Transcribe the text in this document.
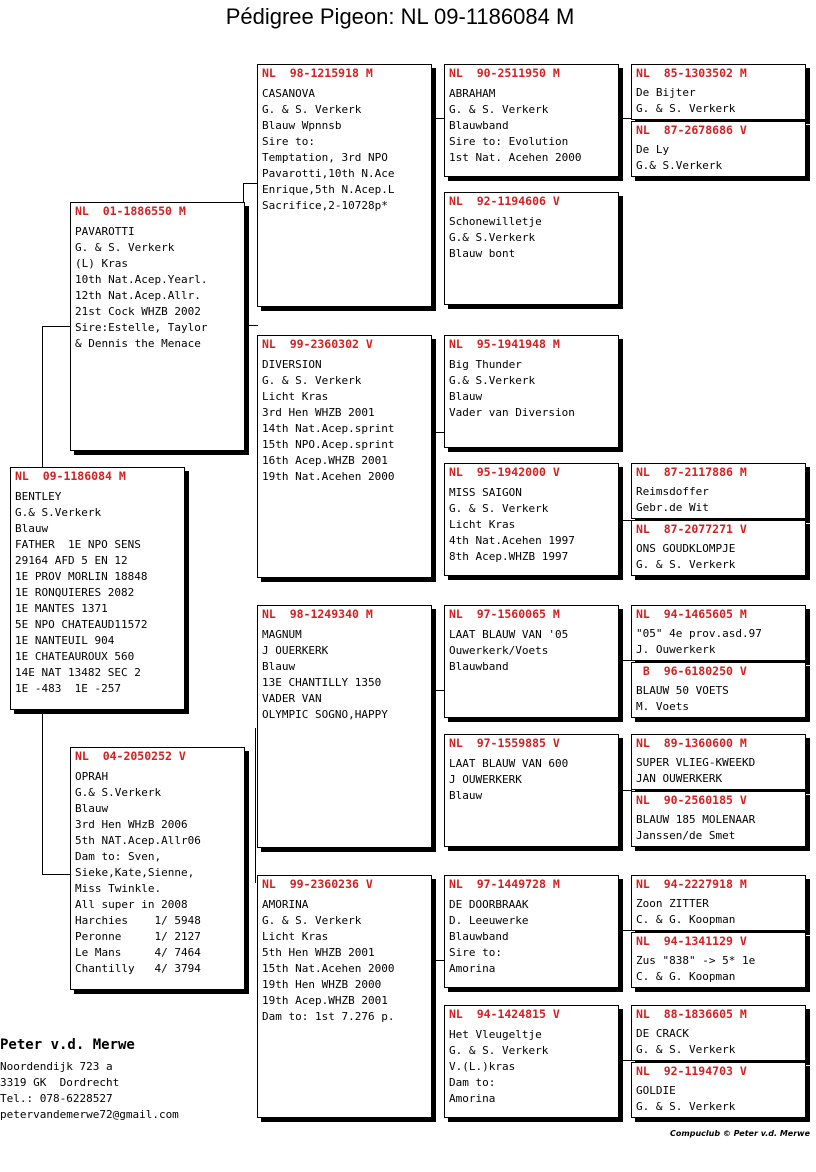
Pédigree Pigeon: NL 09-1186084 M
NL  09-1186084 M
BENTLEY
G.& S.Verkerk
Blauw
FATHER  1E NPO SENS
29164 AFD 5 EN 12
1E PROV MORLIN 18848
1E RONQUIERES 2082
1E MANTES 1371
5E NPO CHATEAUD11572
1E NANTEUIL 904
1E CHATEAUROUX 560
14E NAT 13482 SEC 2
1E -483  1E -257
NL  01-1886550 M
PAVAROTTI
G. & S. Verkerk
(L) Kras
10th Nat.Acep.Yearl.
12th Nat.Acep.Allr.
21st Cock WHZB 2002
Sire:Estelle, Taylor
& Dennis the Menace
NL  04-2050252 V
OPRAH
G.& S.Verkerk
Blauw
3rd Hen WHzB 2006
5th NAT.Acep.Allr06
Dam to: Sven,
Sieke,Kate,Sienne,
Miss Twinkle.
All super in 2008
Harchies    1/ 5948
Peronne     1/ 2127
Le Mans     4/ 7464
Chantilly   4/ 3794
NL  98-1215918 M
CASANOVA
G. & S. Verkerk
Blauw Wpnnsb
Sire to:
Temptation, 3rd NPO
Pavarotti,10th N.Ace
Enrique,5th N.Acep.L
Sacrifice,2-10728p*
NL  99-2360302 V
DIVERSION
G. & S. Verkerk
Licht Kras
3rd Hen WHZB 2001
14th Nat.Acep.sprint
15th NPO.Acep.sprint
16th Acep.WHZB 2001
19th Nat.Acehen 2000
NL  98-1249340 M
MAGNUM
J OUERKERK
Blauw
13E CHANTILLY 1350
VADER VAN
OLYMPIC SOGNO,HAPPY
NL  99-2360236 V
AMORINA
G. & S. Verkerk
Licht Kras
5th Hen WHZB 2001
15th Nat.Acehen 2000
19th Hen WHZB 2000
19th Acep.WHZB 2001
Dam to: 1st 7.276 p.
NL  90-2511950 M
ABRAHAM
G. & S. Verkerk
Blauwband
Sire to: Evolution
1st Nat. Acehen 2000
NL  92-1194606 V
Schonewilletje
G.& S.Verkerk
Blauw bont
NL  95-1941948 M
Big Thunder
G.& S.Verkerk
Blauw
Vader van Diversion
NL  95-1942000 V
MISS SAIGON
G. & S. Verkerk
Licht Kras
4th Nat.Acehen 1997
8th Acep.WHZB 1997
NL  97-1560065 M
LAAT BLAUW VAN '05
Ouwerkerk/Voets
Blauwband
NL  97-1559885 V
LAAT BLAUW VAN 600
J OUWERKERK
Blauw
NL  97-1449728 M
DE DOORBRAAK
D. Leeuwerke
Blauwband
Sire to:
Amorina
NL  94-1424815 V
Het Vleugeltje
G. & S. Verkerk
V.(L.)kras
Dam to:
Amorina
NL  85-1303502 M
De Bijter
G. & S. Verkerk
NL  87-2678686 V
De Ly
G.& S.Verkerk
NL  87-2117886 M
Reimsdoffer
Gebr.de Wit
NL  87-2077271 V
ONS GOUDKLOMPJE
G. & S. Verkerk
NL  94-1465605 M
"05" 4e prov.asd.97
J. Ouwerkerk
B  96-6180250 V
BLAUW 50 VOETS
M. Voets
NL  89-1360600 M
SUPER VLIEG-KWEEKD
JAN OUWERKERK
NL  90-2560185 V
BLAUW 185 MOLENAAR
Janssen/de Smet
NL  94-2227918 M
Zoon ZITTER
C. & G. Koopman
NL  94-1341129 V
Zus "838" -> 5* 1e
C. & G. Koopman
NL  88-1836605 M
DE CRACK
G. & S. Verkerk
NL  92-1194703 V
GOLDIE
G. & S. Verkerk
Peter v.d. Merwe
Noordendijk 723 a
3319 GK  Dordrecht
Tel.: 078-6228527
petervandemerwe72@gmail.com
Compuclub © Peter v.d. Merwe
